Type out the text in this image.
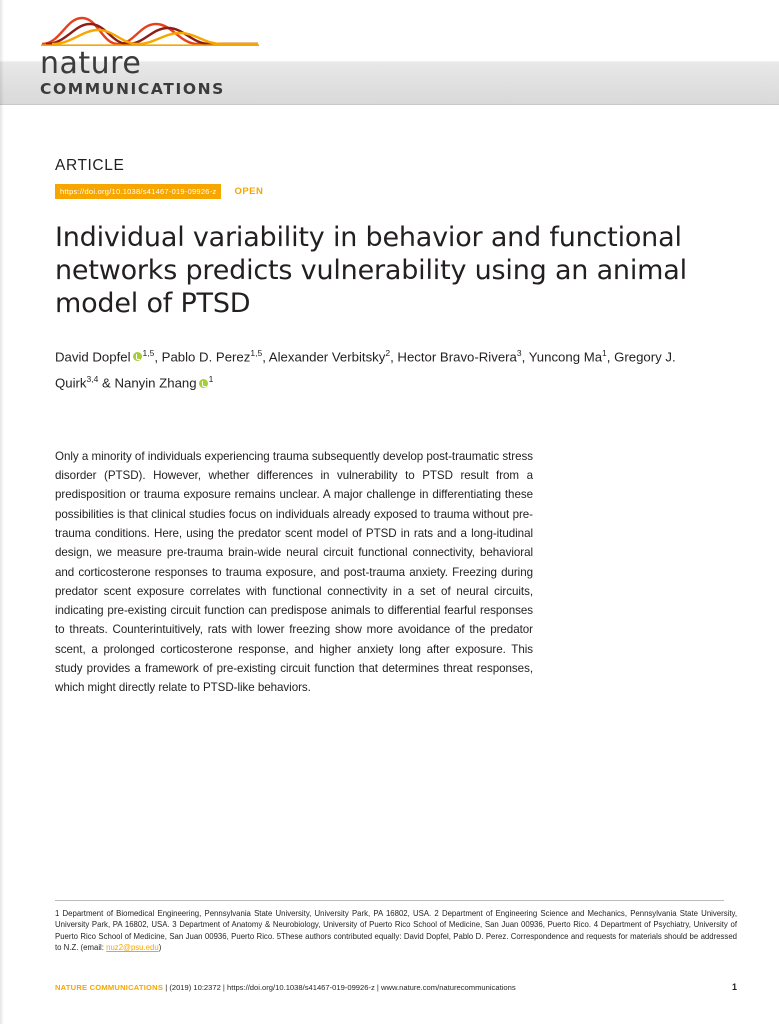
nature
COMMUNICATIONS
ARTICLE
https://doi.org/10.1038/s41467-019-09926-z	OPEN
Individual variability in behavior and functional networks predicts vulnerability using an animal model of PTSD
David Dopfel $^{1,5}$, Pablo D. Perez$^{1,5}$, Alexander Verbitsky$^2$, Hector Bravo-Rivera$^3$, Yuncong Ma$^1$, Gregory J. Quirk$^{3,4}$ & Nanyin Zhang $^1$
Only a minority of individuals experiencing trauma subsequently develop post-traumatic stress disorder (PTSD). However, whether differences in vulnerability to PTSD result from a predisposition or trauma exposure remains unclear. A major challenge in differentiating these possibilities is that clinical studies focus on individuals already exposed to trauma without pre-trauma conditions. Here, using the predator scent model of PTSD in rats and a long-itudinal design, we measure pre-trauma brain-wide neural circuit functional connectivity, behavioral and corticosterone responses to trauma exposure, and post-trauma anxiety. Freezing during predator scent exposure correlates with functional connectivity in a set of neural circuits, indicating pre-existing circuit function can predispose animals to differential fearful responses to threats. Counterintuitively, rats with lower freezing show more avoidance of the predator scent, a prolonged corticosterone response, and higher anxiety long after exposure. This study provides a framework of pre-existing circuit function that determines threat responses, which might directly relate to PTSD-like behaviors.
1 Department of Biomedical Engineering, Pennsylvania State University, University Park, PA 16802, USA. 2 Department of Engineering Science and Mechanics, Pennsylvania State University, University Park, PA 16802, USA. 3 Department of Anatomy & Neurobiology, University of Puerto Rico School of Medicine, San Juan 00936, Puerto Rico. 4 Department of Psychiatry, University of Puerto Rico School of Medicine, San Juan 00936, Puerto Rico. 5These authors contributed equally: David Dopfel, Pablo D. Perez. Correspondence and requests for materials should be addressed to N.Z. (email: nuz2@psu.edu)
NATURE COMMUNICATIONS | (2019) 10:2372 | https://doi.org/10.1038/s41467-019-09926-z | www.nature.com/naturecommunications	1
